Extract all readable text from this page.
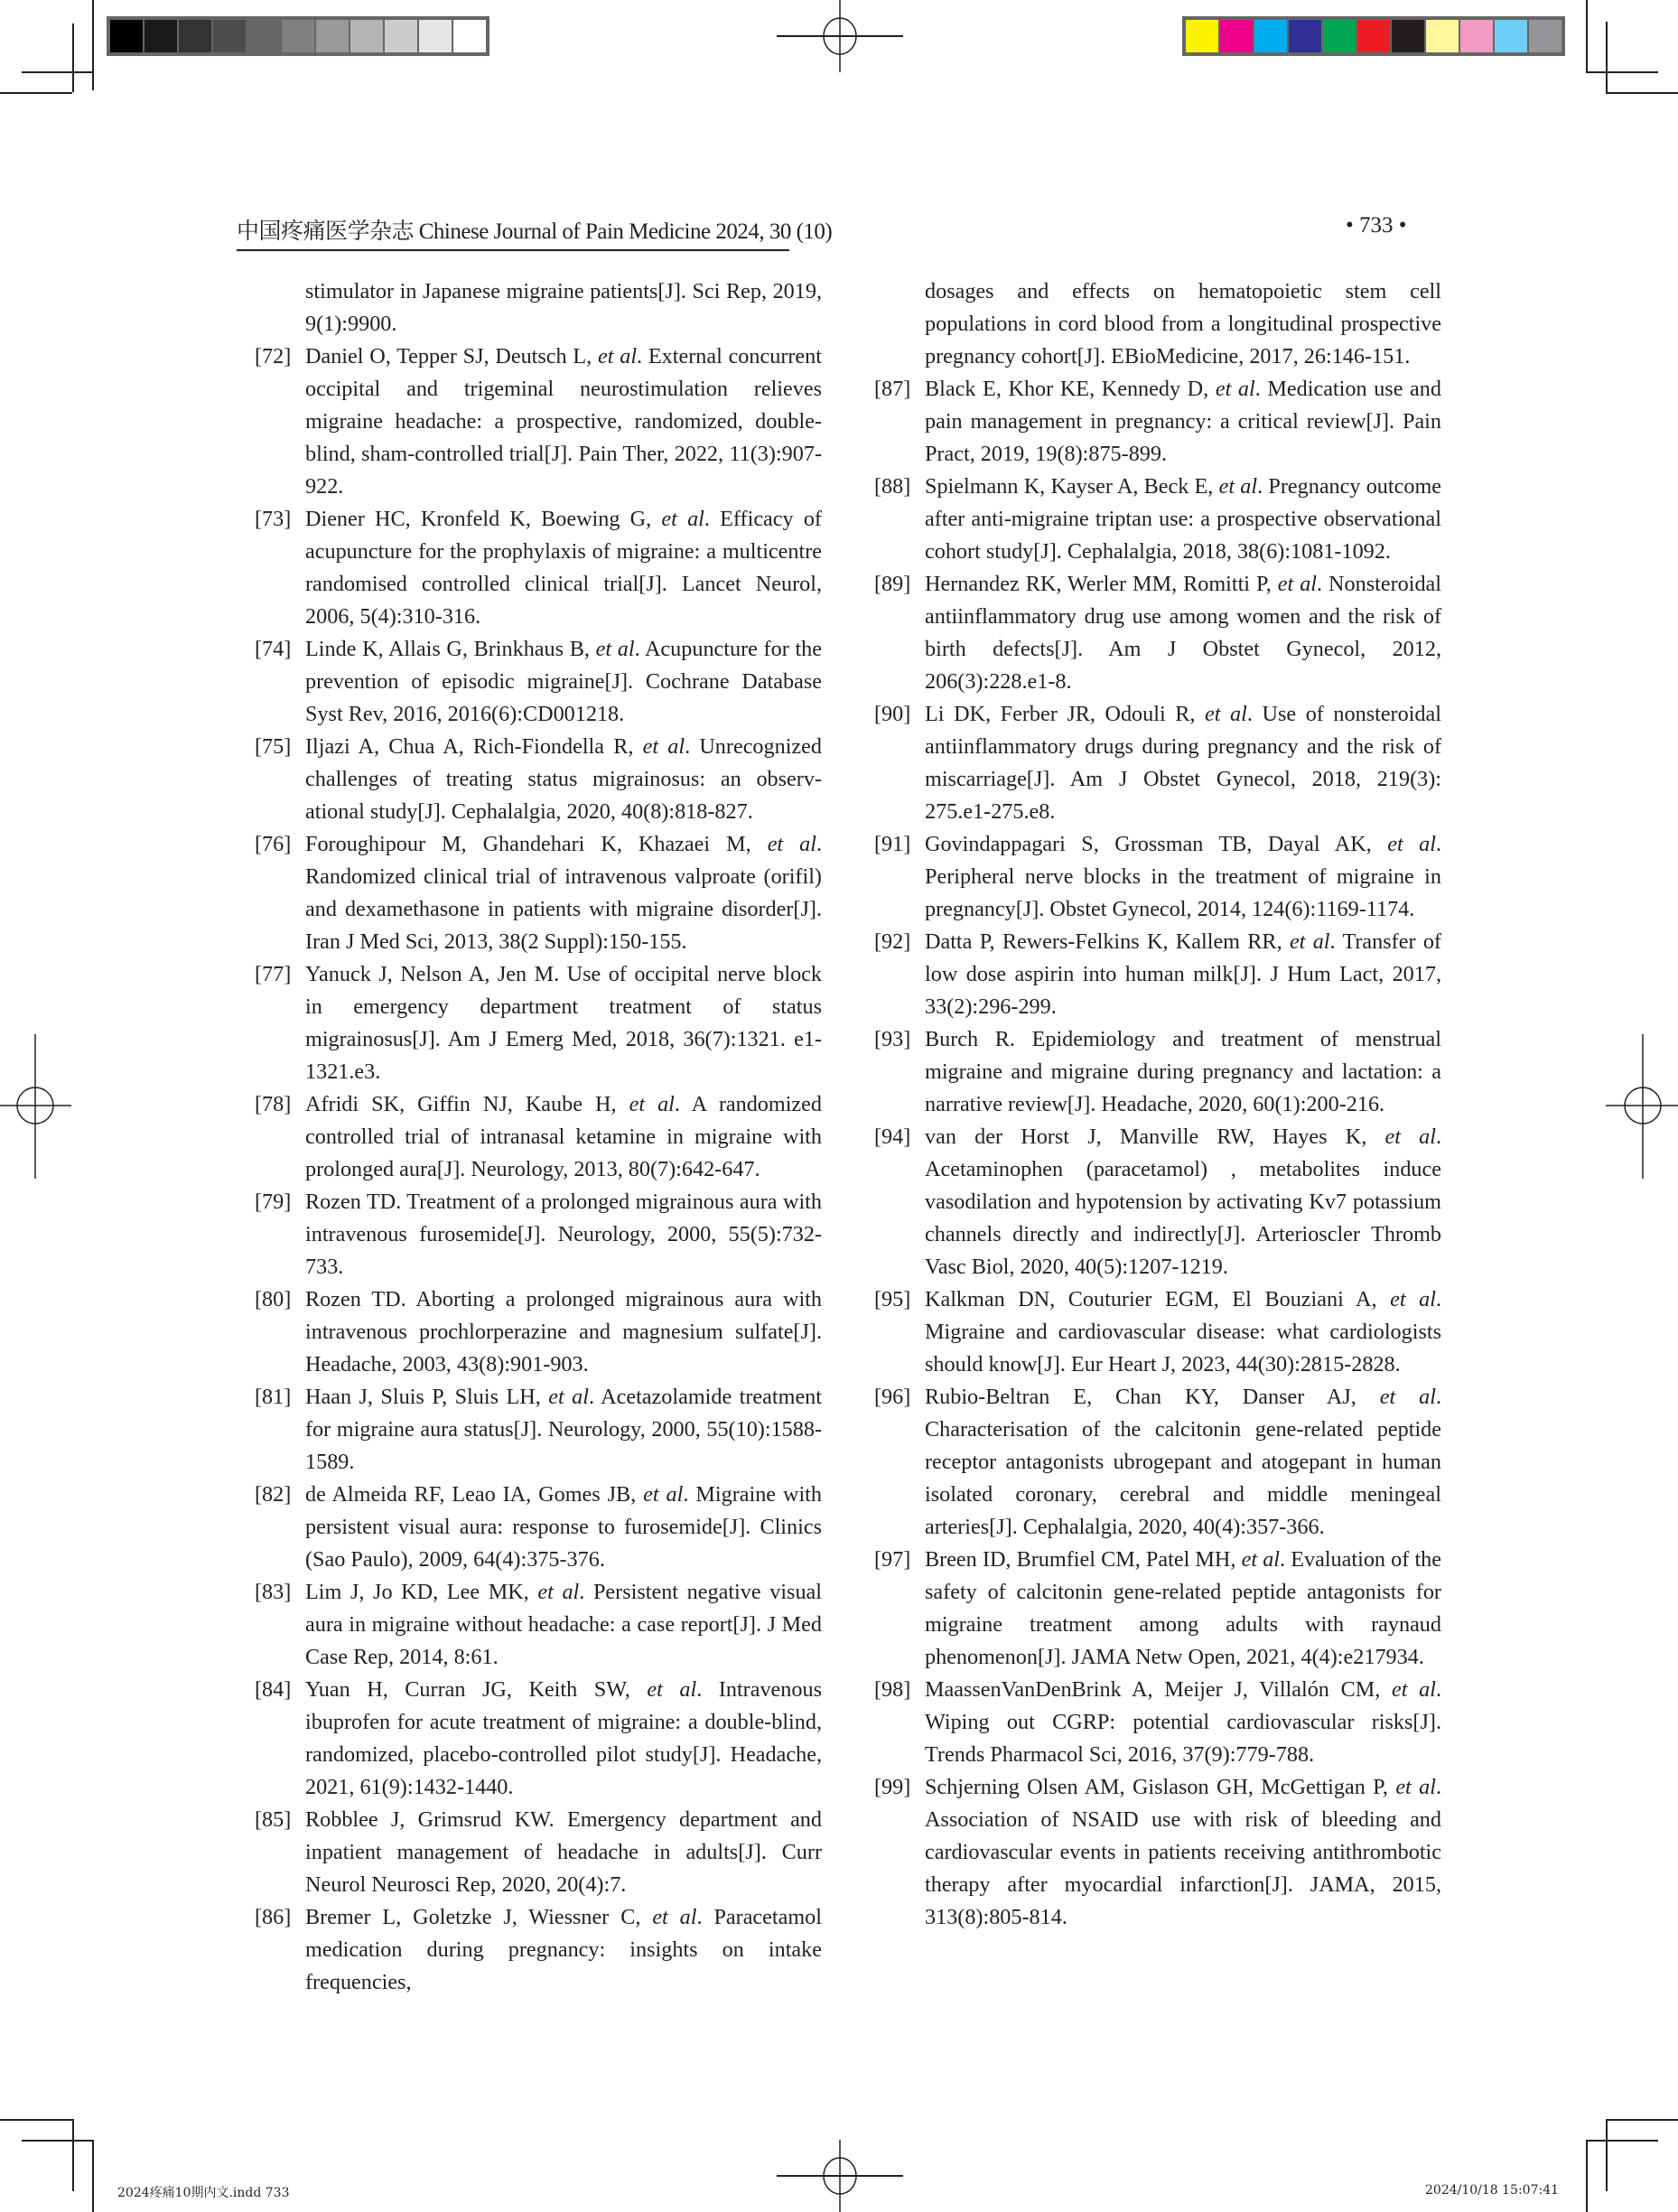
中国疼痛医学杂志 Chinese Journal of Pain Medicine 2024, 30 (10)	• 733 •
stimulator in Japanese migraine patients[J]. Sci Rep, 2019, 9(1):9900.
[72] Daniel O, Tepper SJ, Deutsch L, et al. External concurrent occipital and trigeminal neurostimulation relieves migraine headache: a prospective, randomized, double-blind, sham-controlled trial[J]. Pain Ther, 2022, 11(3):907-922.
[73] Diener HC, Kronfeld K, Boewing G, et al. Efficacy of acupuncture for the prophylaxis of migraine: a multicentre randomised controlled clinical trial[J]. Lancet Neurol, 2006, 5(4):310-316.
[74] Linde K, Allais G, Brinkhaus B, et al. Acupuncture for the prevention of episodic migraine[J]. Cochrane Database Syst Rev, 2016, 2016(6):CD001218.
[75] Iljazi A, Chua A, Rich-Fiondella R, et al. Unrecognized challenges of treating status migrainosus: an observ-ational study[J]. Cephalalgia, 2020, 40(8):818-827.
[76] Foroughipour M, Ghandehari K, Khazaei M, et al. Randomized clinical trial of intravenous valproate (orifil) and dexamethasone in patients with migraine disorder[J]. Iran J Med Sci, 2013, 38(2 Suppl):150-155.
[77] Yanuck J, Nelson A, Jen M. Use of occipital nerve block in emergency department treatment of status migrainosus[J]. Am J Emerg Med, 2018, 36(7):1321. e1-1321.e3.
[78] Afridi SK, Giffin NJ, Kaube H, et al. A randomized controlled trial of intranasal ketamine in migraine with prolonged aura[J]. Neurology, 2013, 80(7):642-647.
[79] Rozen TD. Treatment of a prolonged migrainous aura with intravenous furosemide[J]. Neurology, 2000, 55(5):732-733.
[80] Rozen TD. Aborting a prolonged migrainous aura with intravenous prochlorperazine and magnesium sulfate[J]. Headache, 2003, 43(8):901-903.
[81] Haan J, Sluis P, Sluis LH, et al. Acetazolamide treatment for migraine aura status[J]. Neurology, 2000, 55(10):1588-1589.
[82] de Almeida RF, Leao IA, Gomes JB, et al. Migraine with persistent visual aura: response to furosemide[J]. Clinics (Sao Paulo), 2009, 64(4):375-376.
[83] Lim J, Jo KD, Lee MK, et al. Persistent negative visual aura in migraine without headache: a case report[J]. J Med Case Rep, 2014, 8:61.
[84] Yuan H, Curran JG, Keith SW, et al. Intravenous ibuprofen for acute treatment of migraine: a double-blind, randomized, placebo-controlled pilot study[J]. Headache, 2021, 61(9):1432-1440.
[85] Robblee J, Grimsrud KW. Emergency department and inpatient management of headache in adults[J]. Curr Neurol Neurosci Rep, 2020, 20(4):7.
[86] Bremer L, Goletzke J, Wiessner C, et al. Paracetamol medication during pregnancy: insights on intake frequencies,
dosages and effects on hematopoietic stem cell populations in cord blood from a longitudinal prospective pregnancy cohort[J]. EBioMedicine, 2017, 26:146-151.
[87] Black E, Khor KE, Kennedy D, et al. Medication use and pain management in pregnancy: a critical review[J]. Pain Pract, 2019, 19(8):875-899.
[88] Spielmann K, Kayser A, Beck E, et al. Pregnancy outcome after anti-migraine triptan use: a prospective observational cohort study[J]. Cephalalgia, 2018, 38(6):1081-1092.
[89] Hernandez RK, Werler MM, Romitti P, et al. Nonsteroidal antiinflammatory drug use among women and the risk of birth defects[J]. Am J Obstet Gynecol, 2012, 206(3):228.e1-8.
[90] Li DK, Ferber JR, Odouli R, et al. Use of nonsteroidal antiinflammatory drugs during pregnancy and the risk of miscarriage[J]. Am J Obstet Gynecol, 2018, 219(3): 275.e1-275.e8.
[91] Govindappagari S, Grossman TB, Dayal AK, et al. Peripheral nerve blocks in the treatment of migraine in pregnancy[J]. Obstet Gynecol, 2014, 124(6):1169-1174.
[92] Datta P, Rewers-Felkins K, Kallem RR, et al. Transfer of low dose aspirin into human milk[J]. J Hum Lact, 2017, 33(2):296-299.
[93] Burch R. Epidemiology and treatment of menstrual migraine and migraine during pregnancy and lactation: a narrative review[J]. Headache, 2020, 60(1):200-216.
[94] van der Horst J, Manville RW, Hayes K, et al. Acetaminophen (paracetamol) , metabolites induce vasodilation and hypotension by activating Kv7 potassium channels directly and indirectly[J]. Arterioscler Thromb Vasc Biol, 2020, 40(5):1207-1219.
[95] Kalkman DN, Couturier EGM, El Bouziani A, et al. Migraine and cardiovascular disease: what cardiologists should know[J]. Eur Heart J, 2023, 44(30):2815-2828.
[96] Rubio-Beltran E, Chan KY, Danser AJ, et al. Characterisation of the calcitonin gene-related peptide receptor antagonists ubrogepant and atogepant in human isolated coronary, cerebral and middle meningeal arteries[J]. Cephalalgia, 2020, 40(4):357-366.
[97] Breen ID, Brumfiel CM, Patel MH, et al. Evaluation of the safety of calcitonin gene-related peptide antagonists for migraine treatment among adults with raynaud phenomenon[J]. JAMA Netw Open, 2021, 4(4):e217934.
[98] MaassenVanDenBrink A, Meijer J, Villalón CM, et al. Wiping out CGRP: potential cardiovascular risks[J]. Trends Pharmacol Sci, 2016, 37(9):779-788.
[99] Schjerning Olsen AM, Gislason GH, McGettigan P, et al. Association of NSAID use with risk of bleeding and cardiovascular events in patients receiving antithrombotic therapy after myocardial infarction[J]. JAMA, 2015, 313(8):805-814.
2024疼痛10期内文.indd 733	2024/10/18 15:07:41
